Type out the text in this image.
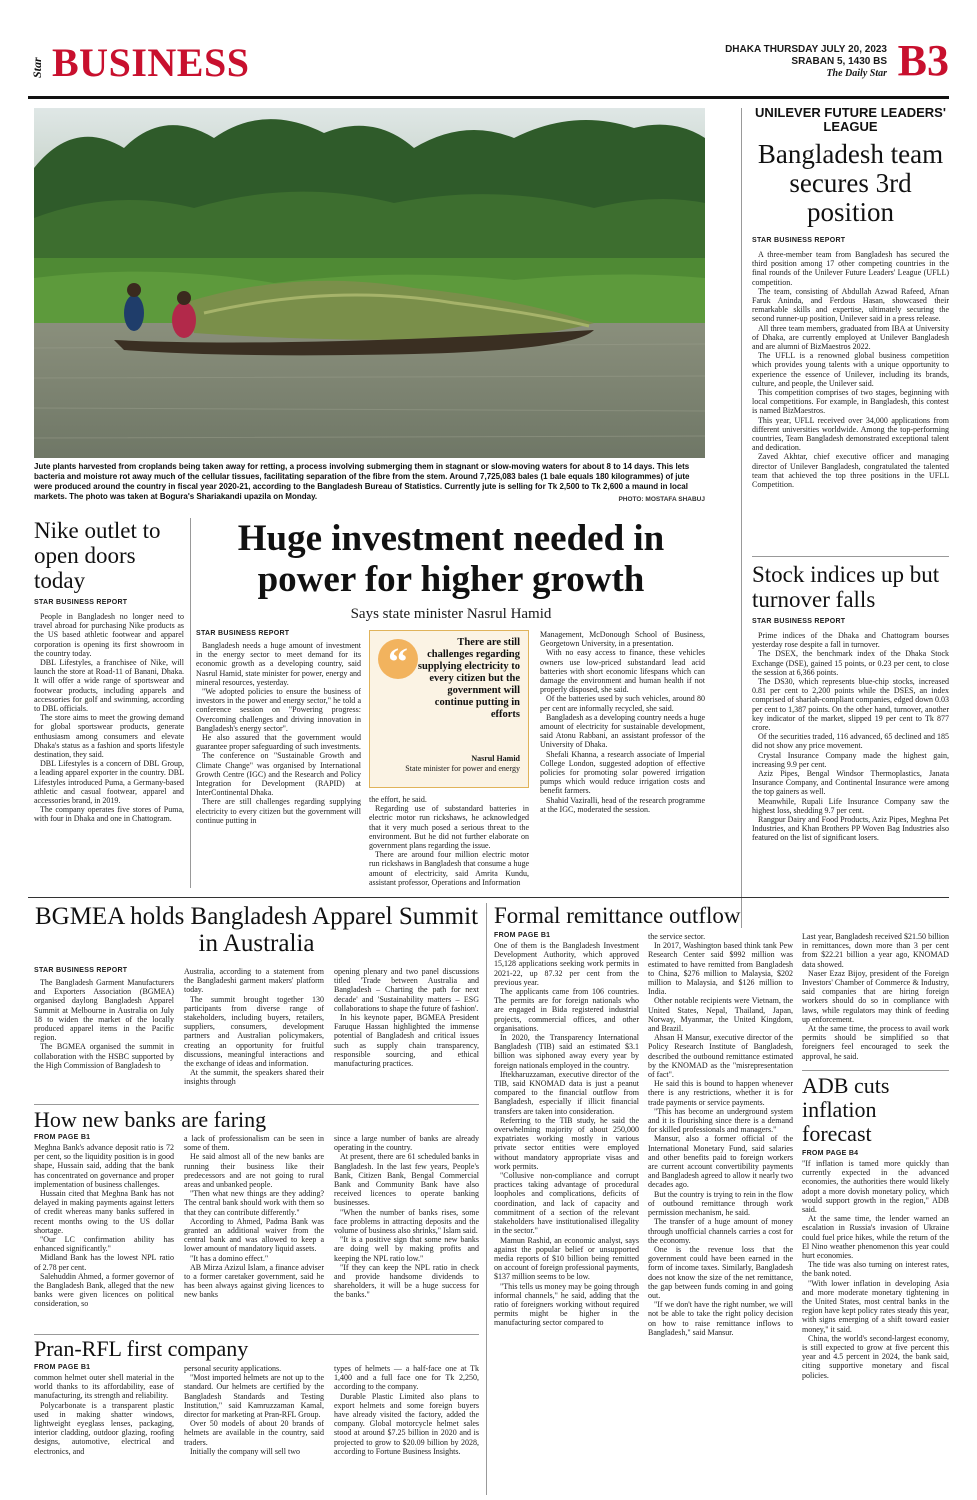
Star BUSINESS	DHAKA THURSDAY JULY 20, 2023
SRABAN 5, 1430 BS
The Daily Star B3
Jute plants harvested from croplands being taken away for retting, a process involving submerging them in stagnant or slow-moving waters for about 8 to 14 days. This lets bacteria and moisture rot away much of the cellular tissues, facilitating separation of the fibre from the stem. Around 7,725,083 bales (1 bale equals 180 kilogrammes) of jute were produced around the country in fiscal year 2020-21, according to the Bangladesh Bureau of Statistics. Currently jute is selling for Tk 2,500 to Tk 2,600 a maund in local markets. The photo was taken at Bogura's Shariakandi upazila on Monday.	PHOTO: MOSTAFA SHABUJ
UNILEVER FUTURE LEADERS' LEAGUE
Bangladesh team secures 3rd position
STAR BUSINESS REPORT

A three-member team from Bangladesh has secured the third position among 17 other competing countries in the final rounds of the Unilever Future Leaders' League (UFLL) competition.

The team, consisting of Abdullah Azwad Rafeed, Afnan Faruk Aninda, and Ferdous Hasan, showcased their remarkable skills and expertise, ultimately securing the second runner-up position, Unilever said in a press release.

All three team members, graduated from IBA at University of Dhaka, are currently employed at Unilever Bangladesh and are alumni of BizMaestros 2022.

The UFLL is a renowned global business competition which provides young talents with a unique opportunity to experience the essence of Unilever, including its brands, culture, and people, the Unilever said.

This competition comprises of two stages, beginning with local competitions. For example, in Bangladesh, this contest is named BizMaestros.

This year, UFLL received over 34,000 applications from different universities worldwide. Among the top-performing countries, Team Bangladesh demonstrated exceptional talent and dedication.

Zaved Akhtar, chief executive officer and managing director of Unilever Bangladesh, congratulated the talented team that achieved the top three positions in the UFLL Competition.

Stock indices up but turnover falls
STAR BUSINESS REPORT

Prime indices of the Dhaka and Chattogram bourses yesterday rose despite a fall in turnover.

The DSEX, the benchmark index of the Dhaka Stock Exchange (DSE), gained 15 points, or 0.23 per cent, to close the session at 6,366 points.

The DS30, which represents blue-chip stocks, increased 0.81 per cent to 2,200 points while the DSES, an index comprised of shariah-compliant companies, edged down 0.03 per cent to 1,387 points. On the other hand, turnover, another key indicator of the market, slipped 19 per cent to Tk 877 crore.

Of the securities traded, 116 advanced, 65 declined and 185 did not show any price movement.

Crystal Insurance Company made the highest gain, increasing 9.9 per cent.

Aziz Pipes, Bengal Windsor Thermoplastics, Janata Insurance Company, and Continental Insurance were among the top gainers as well.

Meanwhile, Rupali Life Insurance Company saw the highest loss, shedding 9.7 per cent.

Rangpur Dairy and Food Products, Aziz Pipes, Meghna Pet Industries, and Khan Brothers PP Woven Bag Industries also featured on the list of significant losers.

Nike outlet to open doors today
STAR BUSINESS REPORT

People in Bangladesh no longer need to travel abroad for purchasing Nike products as the US based athletic footwear and apparel corporation is opening its first showroom in the country today.

DBL Lifestyles, a franchisee of Nike, will launch the store at Road-11 of Banani, Dhaka. It will offer a wide range of sportswear and footwear products, including apparels and accessories for golf and swimming, according to DBL officials.

The store aims to meet the growing demand for global sportswear products, generate enthusiasm among consumers and elevate Dhaka's status as a fashion and sports lifestyle destination, they said.

DBL Lifestyles is a concern of DBL Group, a leading apparel exporter in the country. DBL Lifestyles introduced Puma, a Germany-based athletic and casual footwear, apparel and accessories brand, in 2019.

The company operates five stores of Puma, with four in Dhaka and one in Chattogram.

Huge investment needed in power for higher growth
Says state minister Nasrul Hamid
STAR BUSINESS REPORT

Bangladesh needs a huge amount of investment in the energy sector to meet demand for its economic growth as a developing country, said Nasrul Hamid, state minister for power, energy and mineral resources, yesterday.

"We adopted policies to ensure the business of investors in the power and energy sector," he told a conference session on "Powering progress: Overcoming challenges and driving innovation in Bangladesh's energy sector".

He also assured that the government would guarantee proper safeguarding of such investments.

The conference on "Sustainable Growth and Climate Change" was organised by International Growth Centre (IGC) and the Research and Policy Integration for Development (RAPID) at InterContinental Dhaka.

There are still challenges regarding supplying electricity to every citizen but the government will continue putting in

“	There are still challenges regarding supplying electricity to every citizen but the government will continue putting in efforts
Nasrul Hamid
State minister for power and energy

the effort, he said.

Regarding use of substandard batteries in electric motor run rickshaws, he acknowledged that it very much posed a serious threat to the environment. But he did not further elaborate on government plans regarding the issue.

There are around four million electric motor run rickshaws in Bangladesh that consume a huge amount of electricity, said Amrita Kundu, assistant professor, Operations and Information

Management, McDonough School of Business, Georgetown University, in a presentation.

With no easy access to finance, these vehicles owners use low-priced substandard lead acid batteries with short economic lifespans which can damage the environment and human health if not properly disposed, she said.

Of the batteries used by such vehicles, around 80 per cent are informally recycled, she said.

Bangladesh as a developing country needs a huge amount of electricity for sustainable development, said Atonu Rabbani, an assistant professor of the University of Dhaka.

Shefali Khanna, a research associate of Imperial College London, suggested adoption of effective policies for promoting solar powered irrigation pumps which would reduce irrigation costs and benefit farmers.

Shahid Vaziralli, head of the research programme at the IGC, moderated the session.

BGMEA holds Bangladesh Apparel Summit in Australia
STAR BUSINESS REPORT

The Bangladesh Garment Manufacturers and Exporters Association (BGMEA) organised daylong Bangladesh Apparel Summit at Melbourne in Australia on July 18 to widen the market of the locally produced apparel items in the Pacific region.

The BGMEA organised the summit in collaboration with the HSBC supported by the High Commission of Bangladesh to

Australia, according to a statement from the Bangladeshi garment makers' platform today.

The summit brought together 130 participants from diverse range of stakeholders, including buyers, retailers, suppliers, consumers, development partners and Australian policymakers, creating an opportunity for fruitful discussions, meaningful interactions and the exchange of ideas and information.

At the summit, the speakers shared their insights through

opening plenary and two panel discussions titled 'Trade between Australia and Bangladesh – Charting the path for next decade' and 'Sustainability matters – ESG collaborations to shape the future of fashion'.

In his keynote paper, BGMEA President Faruque Hassan highlighted the immense potential of Bangladesh and critical issues such as supply chain transparency, responsible sourcing, and ethical manufacturing practices.

How new banks are faring
FROM PAGE B1

Meghna Bank's advance deposit ratio is 72 per cent, so the liquidity position is in good shape, Hussain said, adding that the bank has concentrated on governance and proper implementation of business challenges.

Hussain cited that Meghna Bank has not delayed in making payments against letters of credit whereas many banks suffered in recent months owing to the US dollar shortage.

"Our LC confirmation ability has enhanced significantly."

Midland Bank has the lowest NPL ratio of 2.78 per cent.

Salehuddin Ahmed, a former governor of the Bangladesh Bank, alleged that the new banks were given licences on political consideration, so

a lack of professionalism can be seen in some of them.

He said almost all of the new banks are running their business like their predecessors and are not going to rural areas and unbanked people.

"Then what new things are they adding? The central bank should work with them so that they can contribute differently."

According to Ahmed, Padma Bank was granted an additional waiver from the central bank and was allowed to keep a lower amount of mandatory liquid assets.

"It has a domino effect."

AB Mirza Azizul Islam, a finance adviser to a former caretaker government, said he has been always against giving licences to new banks

since a large number of banks are already operating in the country.

At present, there are 61 scheduled banks in Bangladesh. In the last few years, People's Bank, Citizen Bank, Bengal Commercial Bank and Community Bank have also received licences to operate banking businesses.

"When the number of banks rises, some face problems in attracting deposits and the volume of business also shrinks," Islam said.

"It is a positive sign that some new banks are doing well by making profits and keeping the NPL ratio low."

"If they can keep the NPL ratio in check and provide handsome dividends to shareholders, it will be a huge success for the banks."

Pran-RFL first company
FROM PAGE B1

common helmet outer shell material in the world thanks to its affordability, ease of manufacturing, its strength and reliability.

Polycarbonate is a transparent plastic used in making shatter windows, lightweight eyeglass lenses, packaging, interior cladding, outdoor glazing, roofing designs, automotive, electrical and electronics, and

personal security applications.

"Most imported helmets are not up to the standard. Our helmets are certified by the Bangladesh Standards and Testing Institution," said Kamruzzaman Kamal, director for marketing at Pran-RFL Group.

Over 50 models of about 20 brands of helmets are available in the country, said traders.

Initially the company will sell two

types of helmets — a half-face one at Tk 1,400 and a full face one for Tk 2,250, according to the company.

Durable Plastic Limited also plans to export helmets and some foreign buyers have already visited the factory, added the company. Global motorcycle helmet sales stood at around $7.25 billion in 2020 and is projected to grow to $20.09 billion by 2028, according to Fortune Business Insights.

Formal remittance outflow
FROM PAGE B1

One of them is the Bangladesh Investment Development Authority, which approved 15,128 applications seeking work permits in 2021-22, up 87.32 per cent from the previous year.

The applicants came from 106 countries. The permits are for foreign nationals who are engaged in Bida registered industrial projects, commercial offices, and other organisations.

In 2020, the Transparency International Bangladesh (TIB) said an estimated $3.1 billion was siphoned away every year by foreign nationals employed in the country.

Iftekharuzzaman, executive director of the TIB, said KNOMAD data is just a peanut compared to the financial outflow from Bangladesh, especially if illicit financial transfers are taken into consideration.

Referring to the TIB study, he said the overwhelming majority of about 250,000 expatriates working mostly in various private sector entities were employed without mandatory appropriate visas and work permits.

"Collusive non-compliance and corrupt practices taking advantage of procedural loopholes and complications, deficits of coordination, and lack of capacity and commitment of a section of the relevant stakeholders have institutionalised illegality in the sector."

Mamun Rashid, an economic analyst, says against the popular belief or unsupported media reports of $10 billion being remitted on account of foreign professional payments, $137 million seems to be low.

"This tells us money may be going through informal channels," he said, adding that the ratio of foreigners working without required permits might be higher in the manufacturing sector compared to

the service sector.

In 2017, Washington based think tank Pew Research Center said $992 million was estimated to have remitted from Bangladesh to China, $276 million to Malaysia, $202 million to Malaysia, and $126 million to India.

Other notable recipients were Vietnam, the United States, Nepal, Thailand, Japan, Norway, Myanmar, the United Kingdom, and Brazil.

Ahsan H Mansur, executive director of the Policy Research Institute of Bangladesh, described the outbound remittance estimated by the KNOMAD as the "misrepresentation of fact".

He said this is bound to happen whenever there is any restrictions, whether it is for trade payments or service payments.

"This has become an underground system and it is flourishing since there is a demand for skilled professionals and managers."

Mansur, also a former official of the International Monetary Fund, said salaries and other benefits paid to foreign workers are current account convertibility payments and Bangladesh agreed to allow it nearly two decades ago.

But the country is trying to rein in the flow of outbound remittance through work permission mechanism, he said.

The transfer of a huge amount of money through unofficial channels carries a cost for the economy.

One is the revenue loss that the government could have been earned in the form of income taxes. Similarly, Bangladesh does not know the size of the net remittance, the gap between funds coming in and going out.

"If we don't have the right number, we will not be able to take the right policy decision on how to raise remittance inflows to Bangladesh," said Mansur.

Last year, Bangladesh received $21.50 billion in remittances, down more than 3 per cent from $22.21 billion a year ago, KNOMAD data showed.

Naser Ezaz Bijoy, president of the Foreign Investors' Chamber of Commerce & Industry, said companies that are hiring foreign workers should do so in compliance with laws, while regulators may think of feeding up enforcement.

At the same time, the process to avail work permits should be simplified so that foreigners feel encouraged to seek the approval, he said.

ADB cuts inflation forecast
FROM PAGE B4

"If inflation is tamed more quickly than currently expected in the advanced economies, the authorities there would likely adopt a more dovish monetary policy, which would support growth in the region," ADB said.

At the same time, the lender warned an escalation in Russia's invasion of Ukraine could fuel price hikes, while the return of the El Nino weather phenomenon this year could hurt economies.

The tide was also turning on interest rates, the bank noted.

"With lower inflation in developing Asia and more moderate monetary tightening in the United States, most central banks in the region have kept policy rates steady this year, with signs emerging of a shift toward easier money," it said.

China, the world's second-largest economy, is still expected to grow at five percent this year and 4.5 percent in 2024, the bank said, citing supportive monetary and fiscal policies.
